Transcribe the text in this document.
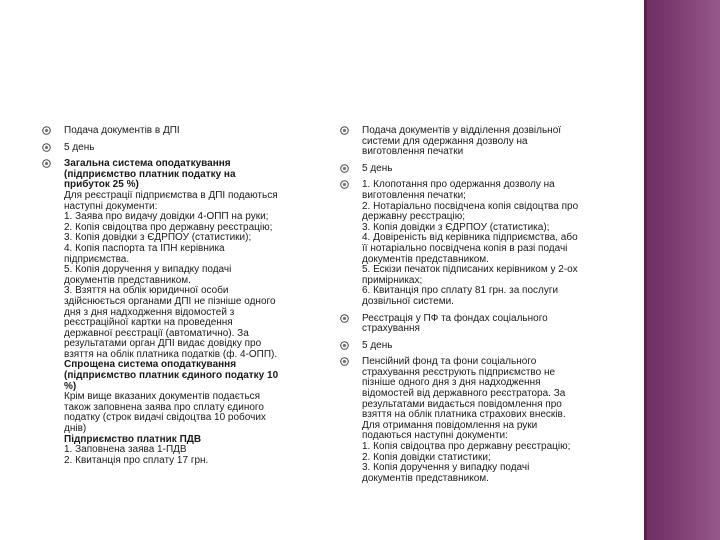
Подача документів в ДПІ
5 день
Загальна система оподаткування
(підприємство платник податку на
прибуток 25 %)
Для реєстрації підприємства в ДПІ подаються
наступні документи:
1. Заява про видачу довідки 4-ОПП на руки;
2. Копія свідоцтва про державну реєстрацію;
3. Копія довідки з ЄДРПОУ (статистики);
4. Копія паспорта та ІПН керівника
підприємства.
5. Копія доручення у випадку подачі
документів представником.
3. Взяття на облік юридичної особи
здійснюється органами ДПІ не пізніше одного
дня з дня надходження відомостей з
реєстраційної картки на проведення
державної реєстрації (автоматично). За
результатами орган ДПІ видає довідку про
взяття на облік платника податків (ф. 4-ОПП).
Спрощена система оподаткування
(підприємство платник єдиного податку 10
%)
Крім вище вказаних документів подається
також заповнена заява про сплату єдиного
податку (строк видачі свідоцтва 10 робочих
днів)
Підприємство платник ПДВ
1. Заповнена заява 1-ПДВ
2. Квитанція про сплату 17 грн.
Подача документів у відділення дозвільної
системи для одержання дозволу на
виготовлення печатки
5 день
1. Клопотання про одержання дозволу на
виготовлення печатки;
2. Нотаріально посвідчена копія свідоцтва про
державну реєстрацію;
3. Копія довідки з ЄДРПОУ (статистика);
4. Довіреність від керівника підприємства, або
її нотаріально посвідчена копія в разі подачі
документів представником.
5. Ескізи печаток підписаних керівником у 2-ох
примірниках;
6. Квитанція про сплату 81 грн. за послуги
дозвільної системи.
Реєстрація у ПФ та фондах соціального
страхування
5 день
Пенсійний фонд та фони соціального
страхування реєструють підприємство не
пізніше одного дня з дня надходження
відомостей від державного реєстратора. За
результатами видається повідомлення про
взяття на облік платника страхових внесків.
Для отримання повідомлення на руки
подаються наступні документи:
1. Копія свідоцтва про державну реєстрацію;
2. Копія довідки статистики;
3. Копія доручення у випадку подачі
документів представником.
